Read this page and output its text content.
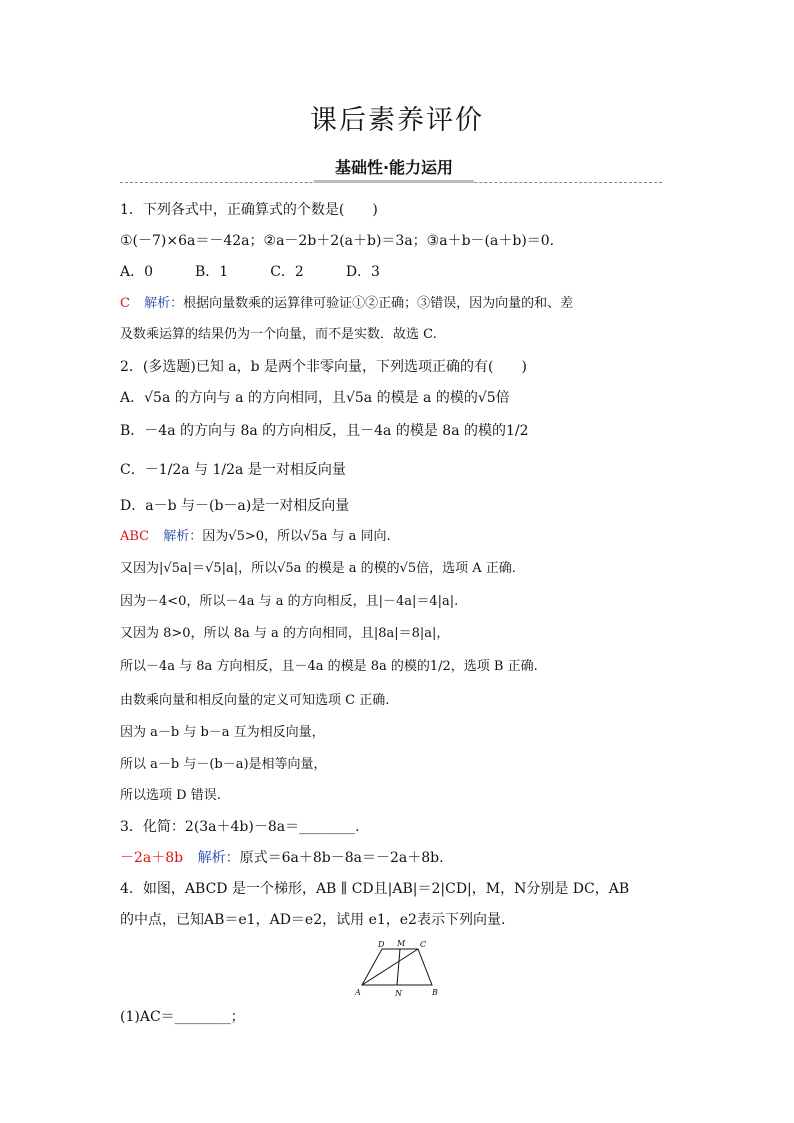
课后素养评价
基础性·能力运用
1．下列各式中，正确算式的个数是(　　)
①(－7)×6a＝－42a；②a－2b＋2(a＋b)＝3a；③a＋b－(a＋b)＝0.
A．0　　　B．1　　　C．2　　　D．3
C 解析：根据向量数乘的运算律可验证①②正确；③错误，因为向量的和、差
及数乘运算的结果仍为一个向量，而不是实数．故选 C.
2．(多选题)已知 a，b 是两个非零向量，下列选项正确的有(　　)
A．√5a 的方向与 a 的方向相同，且√5a 的模是 a 的模的√5倍
B．－4a 的方向与 8a 的方向相反，且－4a 的模是 8a 的模的1/2
C．－1/2a 与 1/2a 是一对相反向量
D．a－b 与－(b－a)是一对相反向量
ABC 解析：因为√5>0，所以√5a 与 a 同向.
又因为|√5a|＝√5|a|，所以√5a 的模是 a 的模的√5倍，选项 A 正确.
因为－4<0，所以－4a 与 a 的方向相反，且|－4a|＝4|a|.
又因为 8>0，所以 8a 与 a 的方向相同，且|8a|＝8|a|，
所以－4a 与 8a 方向相反，且－4a 的模是 8a 的模的1/2，选项 B 正确.
由数乘向量和相反向量的定义可知选项 C 正确.
因为 a－b 与 b－a 互为相反向量，
所以 a－b 与－(b－a)是相等向量，
所以选项 D 错误.
3．化简：2(3a＋4b)－8a＝________.
－2a＋8b 解析：原式＝6a＋8b－8a＝－2a＋8b.
4．如图，ABCD 是一个梯形，AB ∥ CD且|AB|＝2|CD|，M，N分别是 DC，AB
的中点，已知AB＝e1，AD＝e2，试用 e1，e2表示下列向量.
D M C
A	N	B
(1)AC＝________；
